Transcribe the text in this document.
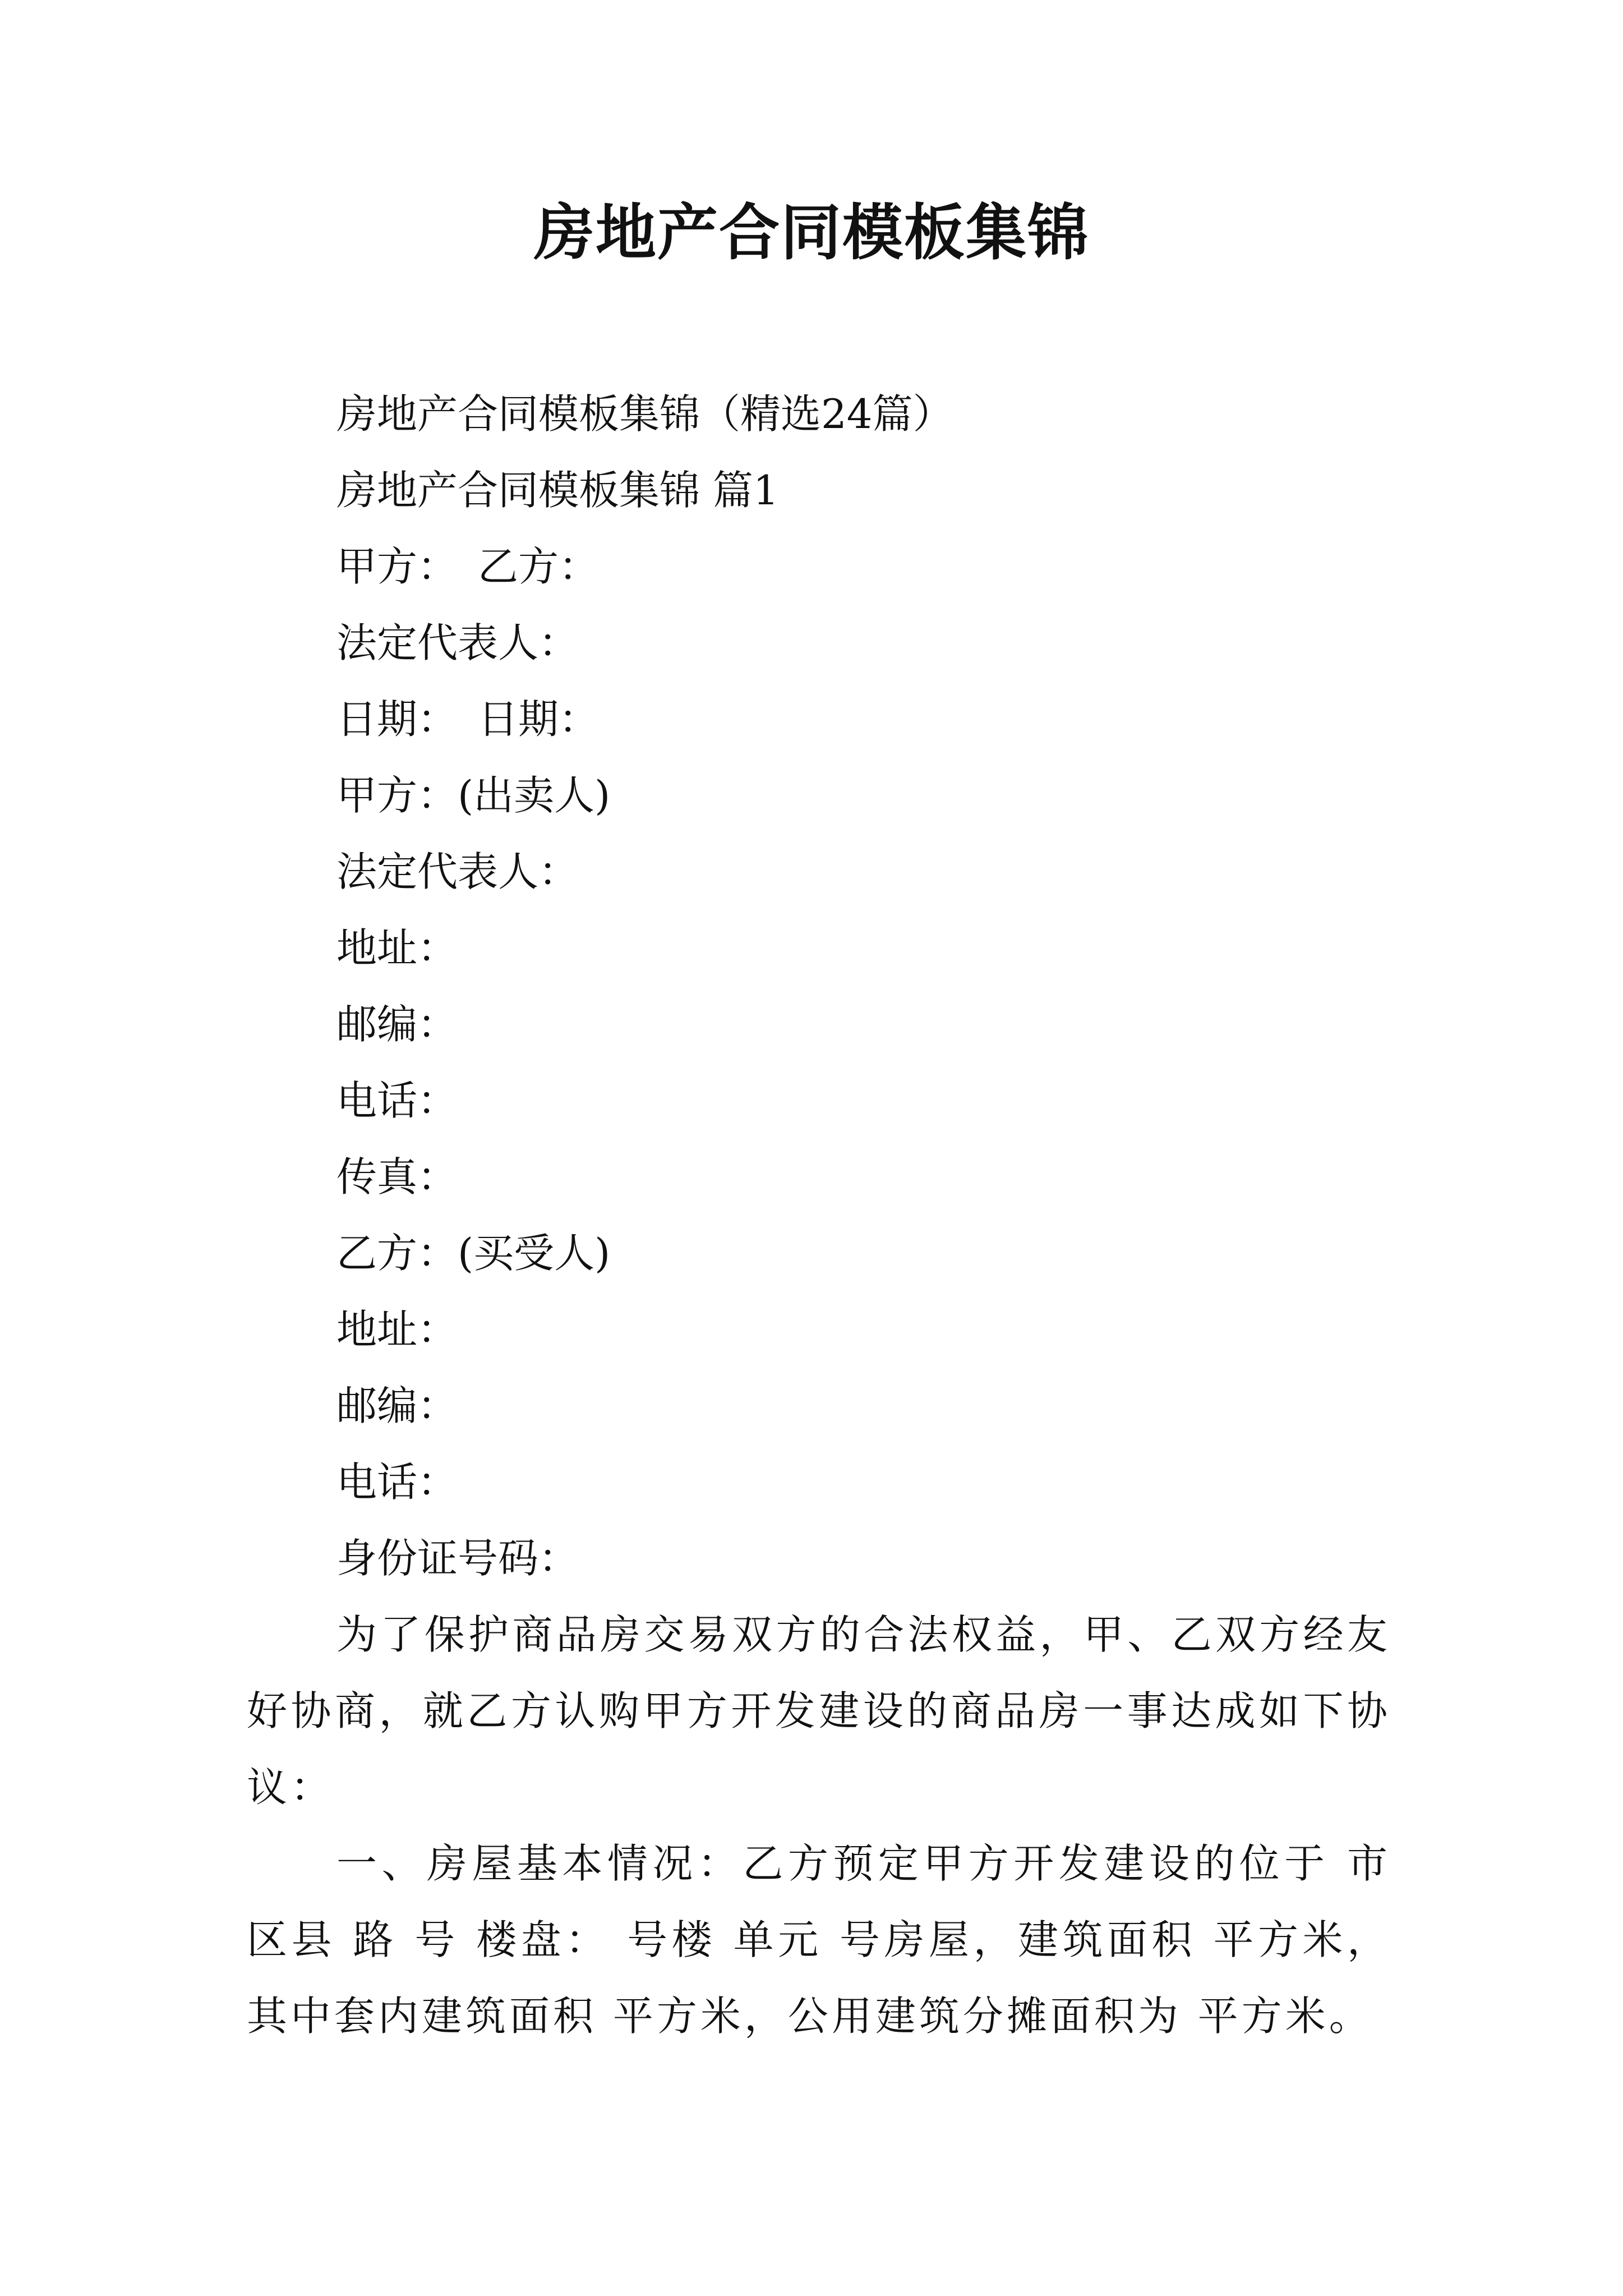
房地产合同模板集锦
房地产合同模板集锦（精选24篇）
房地产合同模板集锦 篇1
甲方：　乙方：
法定代表人：
日期：　日期：
甲方：(出卖人)
法定代表人：
地址：
邮编：
电话：
传真：
乙方：(买受人)
地址：
邮编：
电话：
身份证号码：
为了保护商品房交易双方的合法权益，甲、乙双方经友好协商，就乙方认购甲方开发建设的商品房一事达成如下协议：
一、房屋基本情况：乙方预定甲方开发建设的位于 市 区县 路 号 楼盘： 号楼 单元 号房屋，建筑面积 平方米，其中套内建筑面积 平方米，公用建筑分摊面积为 平方米。
